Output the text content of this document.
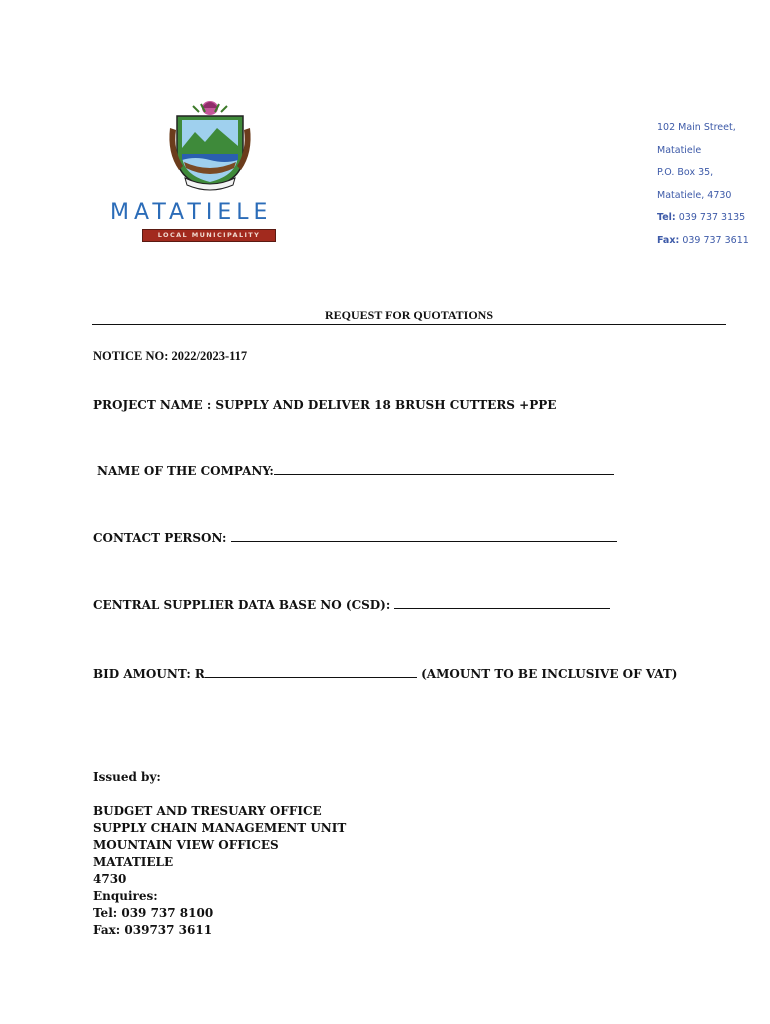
MATATIELE
LOCAL MUNICIPALITY
102 Main Street,
Matatiele
P.O. Box 35,
Matatiele, 4730
Tel: 039 737 3135
Fax: 039 737 3611
REQUEST FOR QUOTATIONS
NOTICE NO: 2022/2023-117
PROJECT NAME : SUPPLY AND DELIVER 18 BRUSH CUTTERS +PPE
NAME OF THE COMPANY:
CONTACT PERSON:
CENTRAL SUPPLIER DATA BASE NO (CSD):
BID AMOUNT: R	(AMOUNT TO BE INCLUSIVE OF VAT)
Issued by:
BUDGET AND TRESUARY OFFICE
SUPPLY CHAIN MANAGEMENT UNIT
MOUNTAIN VIEW OFFICES
MATATIELE
4730
Enquires:
Tel: 039 737 8100
Fax: 039737 3611
